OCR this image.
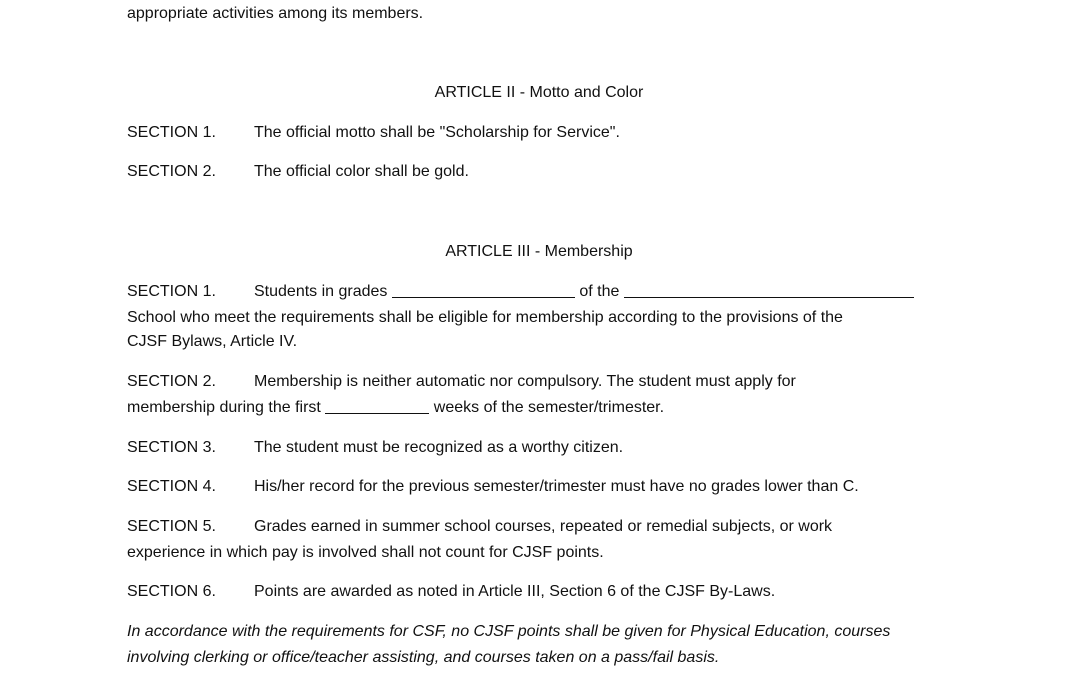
appropriate activities among its members.
ARTICLE II - Motto and Color
SECTION 1. The official motto shall be "Scholarship for Service".
SECTION 2. The official color shall be gold.
ARTICLE III - Membership
SECTION 1. Students in grades	of the
School who meet the requirements shall be eligible for membership according to the provisions of the
CJSF Bylaws, Article IV.
SECTION 2. Membership is neither automatic nor compulsory. The student must apply for
membership during the first	weeks of the semester/trimester.
SECTION 3. The student must be recognized as a worthy citizen.
SECTION 4. His/her record for the previous semester/trimester must have no grades lower than C.
SECTION 5. Grades earned in summer school courses, repeated or remedial subjects, or work
experience in which pay is involved shall not count for CJSF points.
SECTION 6. Points are awarded as noted in Article III, Section 6 of the CJSF By-Laws.
In accordance with the requirements for CSF, no CJSF points shall be given for Physical Education, courses
involving clerking or office/teacher assisting, and courses taken on a pass/fail basis.
